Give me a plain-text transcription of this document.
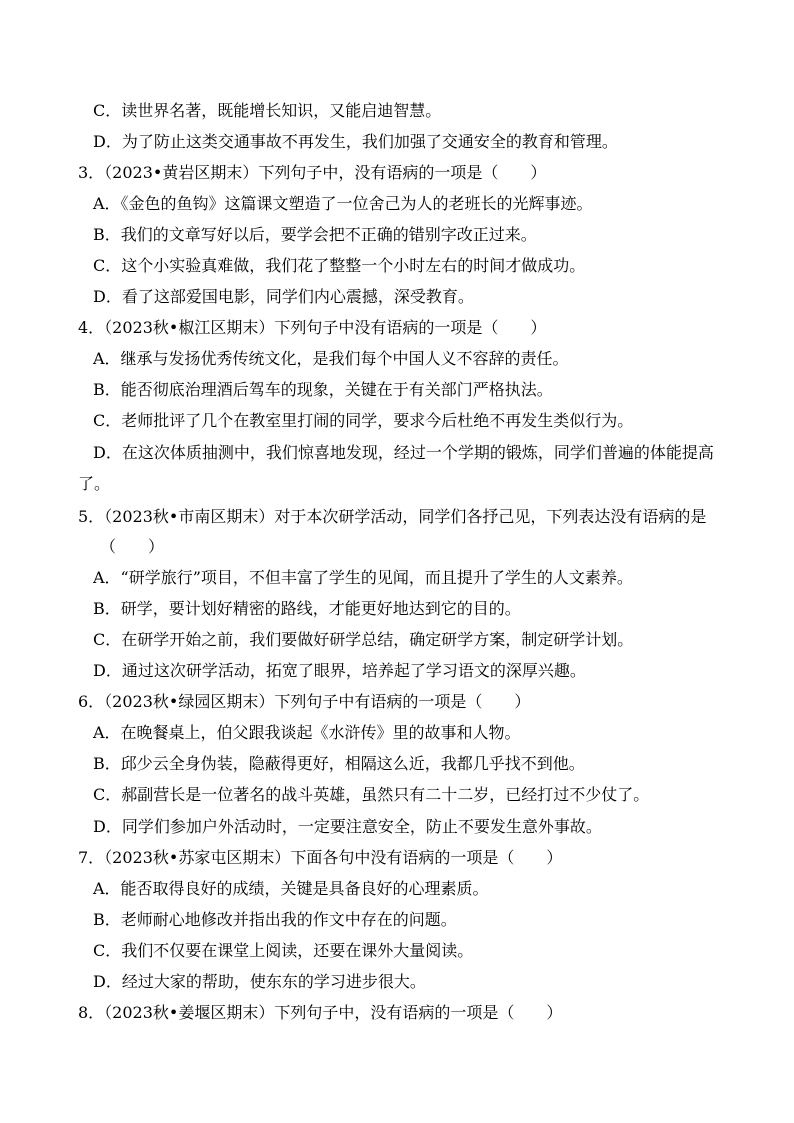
C．读世界名著，既能增长知识，又能启迪智慧。
D．为了防止这类交通事故不再发生，我们加强了交通安全的教育和管理。
3．（2023•黄岩区期末）下列句子中，没有语病的一项是（　　）
A．《金色的鱼钩》这篇课文塑造了一位舍己为人的老班长的光辉事迹。
B．我们的文章写好以后，要学会把不正确的错别字改正过来。
C．这个小实验真难做，我们花了整整一个小时左右的时间才做成功。
D．看了这部爱国电影，同学们内心震撼，深受教育。
4．（2023秋•椒江区期末）下列句子中没有语病的一项是（　　）
A．继承与发扬优秀传统文化，是我们每个中国人义不容辞的责任。
B．能否彻底治理酒后驾车的现象，关键在于有关部门严格执法。
C．老师批评了几个在教室里打闹的同学，要求今后杜绝不再发生类似行为。
D．在这次体质抽测中，我们惊喜地发现，经过一个学期的锻炼，同学们普遍的体能提高
了。
5．（2023秋•市南区期末）对于本次研学活动，同学们各抒己见，下列表达没有语病的是
（　　）
A．“研学旅行”项目，不但丰富了学生的见闻，而且提升了学生的人文素养。
B．研学，要计划好精密的路线，才能更好地达到它的目的。
C．在研学开始之前，我们要做好研学总结，确定研学方案，制定研学计划。
D．通过这次研学活动，拓宽了眼界，培养起了学习语文的深厚兴趣。
6．（2023秋•绿园区期末）下列句子中有语病的一项是（　　）
A．在晚餐桌上，伯父跟我谈起《水浒传》里的故事和人物。
B．邱少云全身伪装，隐蔽得更好，相隔这么近，我都几乎找不到他。
C．郝副营长是一位著名的战斗英雄，虽然只有二十二岁，已经打过不少仗了。
D．同学们参加户外活动时，一定要注意安全，防止不要发生意外事故。
7．（2023秋•苏家屯区期末）下面各句中没有语病的一项是（　　）
A．能否取得良好的成绩，关键是具备良好的心理素质。
B．老师耐心地修改并指出我的作文中存在的问题。
C．我们不仅要在课堂上阅读，还要在课外大量阅读。
D．经过大家的帮助，使东东的学习进步很大。
8．（2023秋•姜堰区期末）下列句子中，没有语病的一项是（　　）
